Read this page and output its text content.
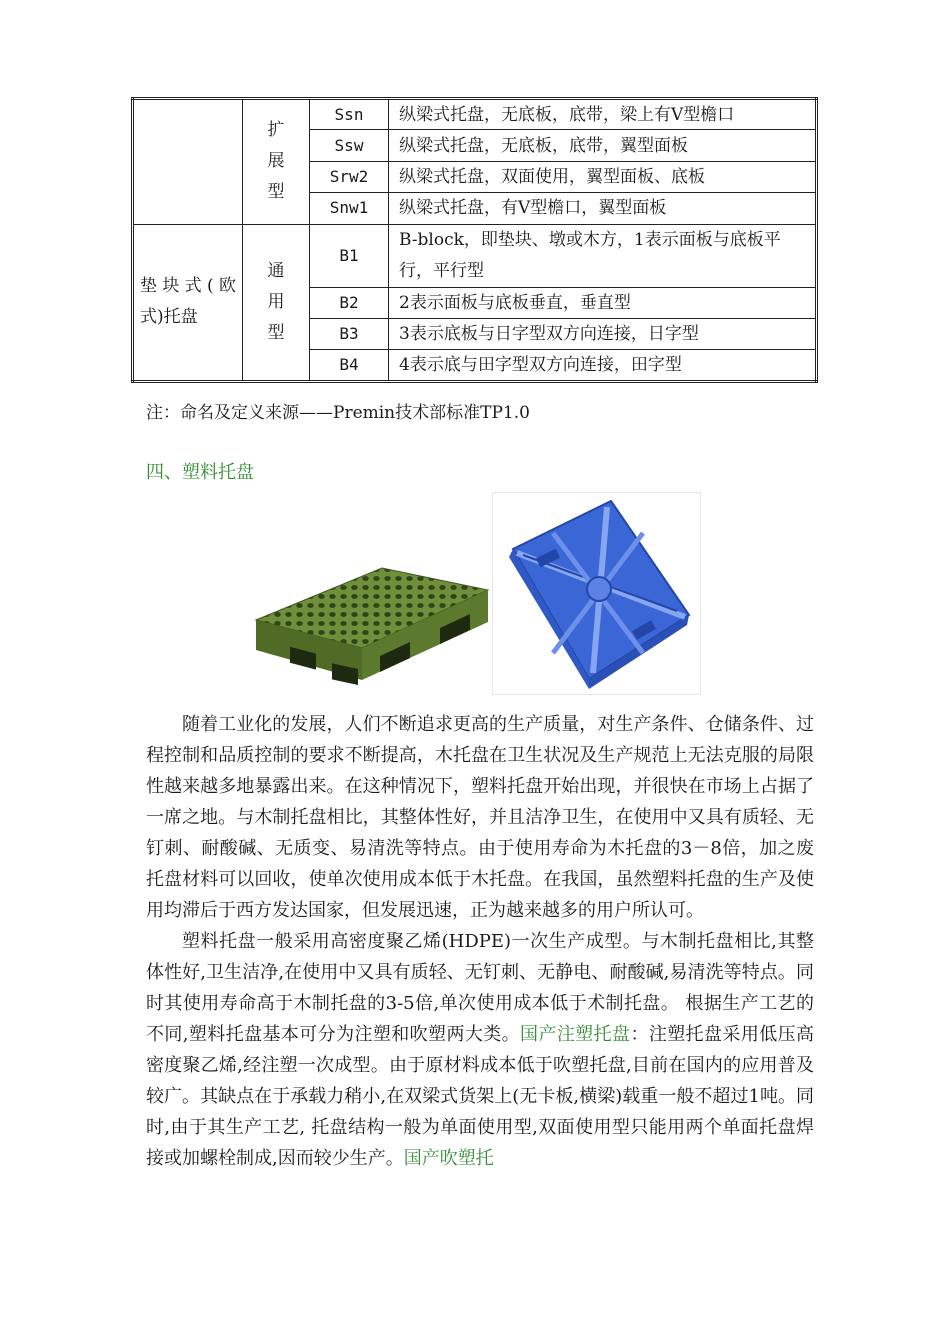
	扩展型	Ssn	纵梁式托盘，无底板，底带，梁上有V型檐口
		Ssw	纵梁式托盘，无底板，底带，翼型面板
		Srw2	纵梁式托盘，双面使用，翼型面板、底板
		Snw1	纵梁式托盘，有V型檐口，翼型面板
垫块式(欧式)托盘	通用型	B1	B-block，即垫块、墩或木方，1表示面板与底板平行，平行型
		B2	2表示面板与底板垂直，垂直型
		B3	3表示底板与日字型双方向连接，日字型
		B4	4表示底与田字型双方向连接，田字型
注：命名及定义来源——Premin技术部标准TP1.0
四、塑料托盘

随着工业化的发展，人们不断追求更高的生产质量，对生产条件、仓储条件、过程控制和品质控制的要求不断提高，木托盘在卫生状况及生产规范上无法克服的局限性越来越多地暴露出来。在这种情况下，塑料托盘开始出现，并很快在市场上占据了一席之地。与木制托盘相比，其整体性好，并且洁净卫生，在使用中又具有质轻、无钉刺、耐酸碱、无质变、易清洗等特点。由于使用寿命为木托盘的3－8倍，加之废托盘材料可以回收，使单次使用成本低于木托盘。在我国，虽然塑料托盘的生产及使用均滞后于西方发达国家，但发展迅速，正为越来越多的用户所认可。

塑料托盘一般采用高密度聚乙烯(HDPE)一次生产成型。与木制托盘相比,其整体性好,卫生洁净,在使用中又具有质轻、无钉刺、无静电、耐酸碱,易清洗等特点。同时其使用寿命高于木制托盘的3-5倍,单次使用成本低于术制托盘。 根据生产工艺的不同,塑料托盘基本可分为注塑和吹塑两大类。国产注塑托盘：注塑托盘采用低压高密度聚乙烯,经注塑一次成型。由于原材料成本低于吹塑托盘,目前在国内的应用普及较广。其缺点在于承载力稍小,在双梁式货架上(无卡板,横梁)载重一般不超过1吨。同时,由于其生产工艺, 托盘结构一般为单面使用型,双面使用型只能用两个单面托盘焊接或加螺栓制成,因而较少生产。国产吹塑托
